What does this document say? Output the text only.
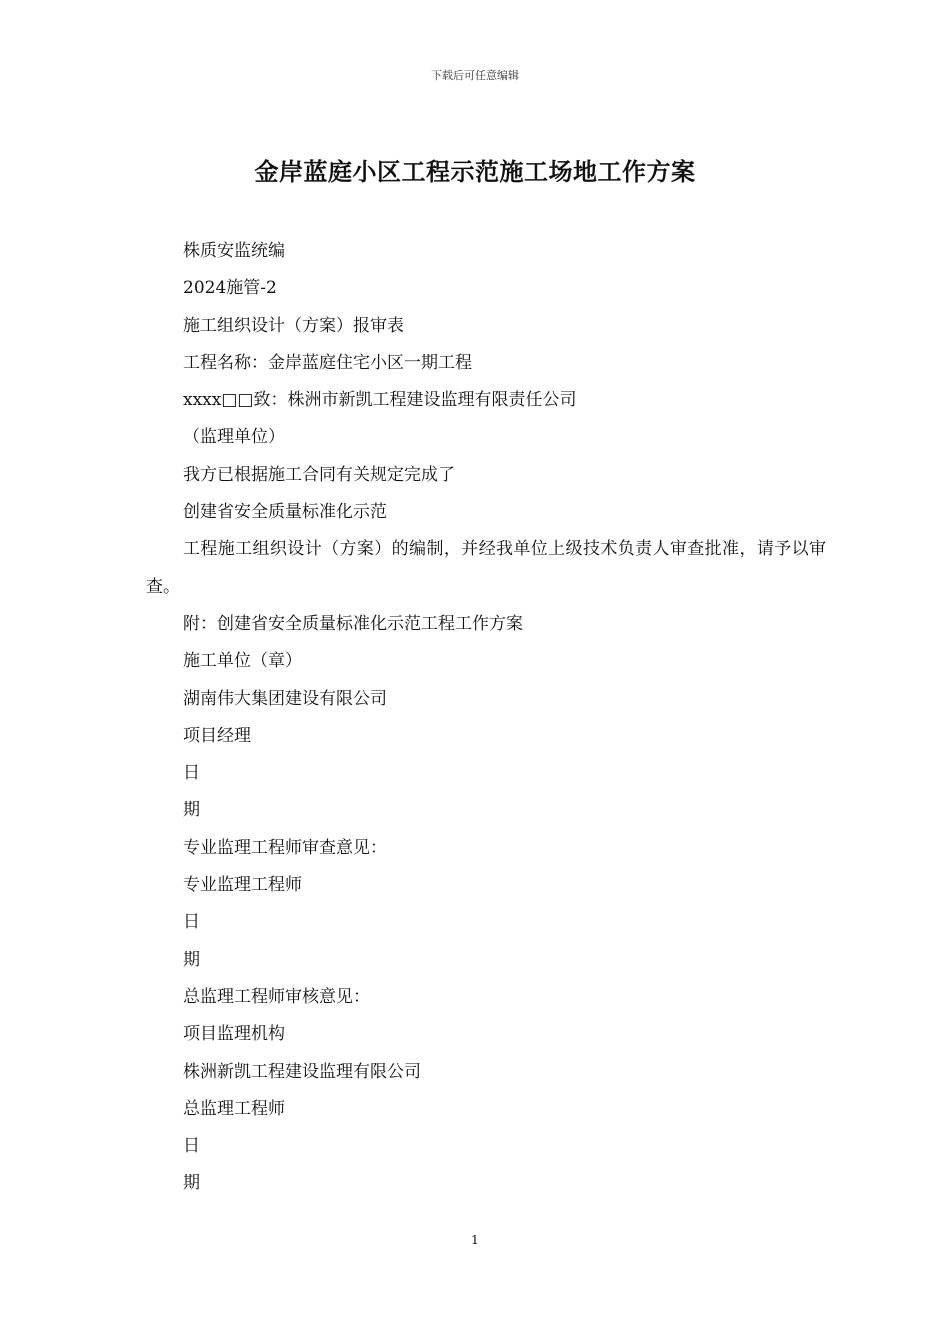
下载后可任意编辑
金岸蓝庭小区工程示范施工场地工作方案
株质安监统编
2024施管-2
施工组织设计（方案）报审表
工程名称：金岸蓝庭住宅小区一期工程
xxxx□□致：株洲市新凯工程建设监理有限责任公司
（监理单位）
我方已根据施工合同有关规定完成了
创建省安全质量标准化示范
工程施工组织设计（方案）的编制，并经我单位上级技术负责人审查批准，请予以审查。
附：创建省安全质量标准化示范工程工作方案
施工单位（章）
湖南伟大集团建设有限公司
项目经理
日
期
专业监理工程师审查意见：
专业监理工程师
日
期
总监理工程师审核意见：
项目监理机构
株洲新凯工程建设监理有限公司
总监理工程师
日
期
1
